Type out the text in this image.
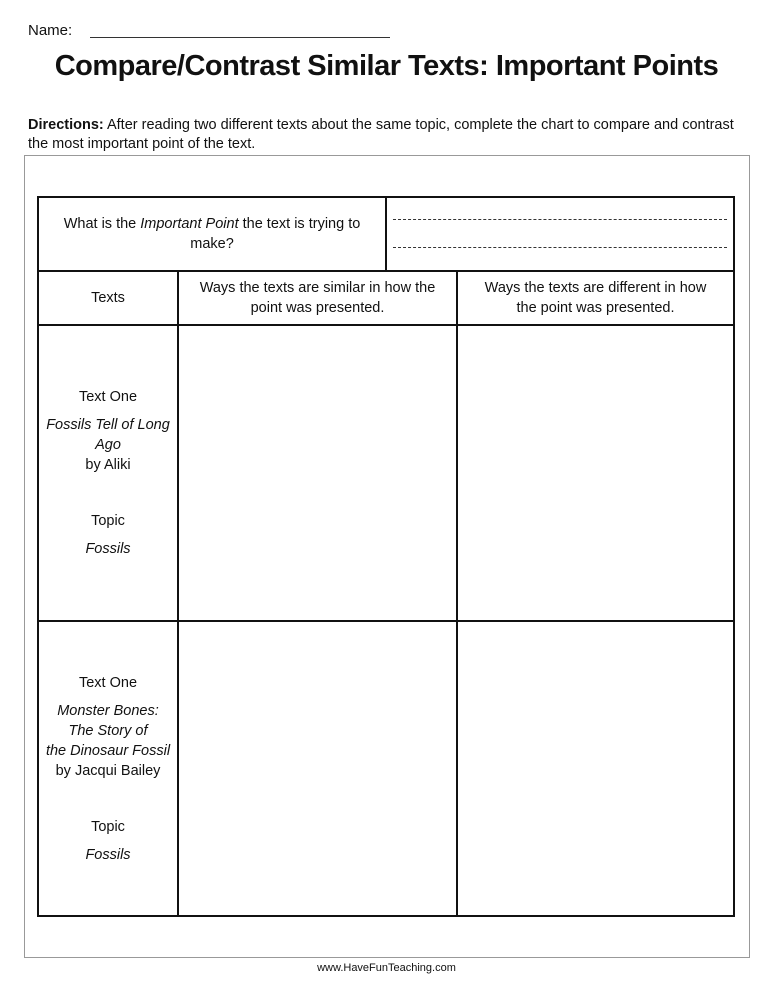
Name:
Compare/Contrast Similar Texts: Important Points
Directions: After reading two different texts about the same topic, complete the chart to compare and contrast the most important point of the text.
What is the Important Point the text is trying to make?
Texts
Ways the texts are similar in how the point was presented.
Ways the texts are different in how the point was presented.
Text One
Fossils Tell of Long
Ago
by Aliki
Topic
Fossils
Text One
Monster Bones:
The Story of
the Dinosaur Fossil
by Jacqui Bailey
Topic
Fossils
www.HaveFunTeaching.com
